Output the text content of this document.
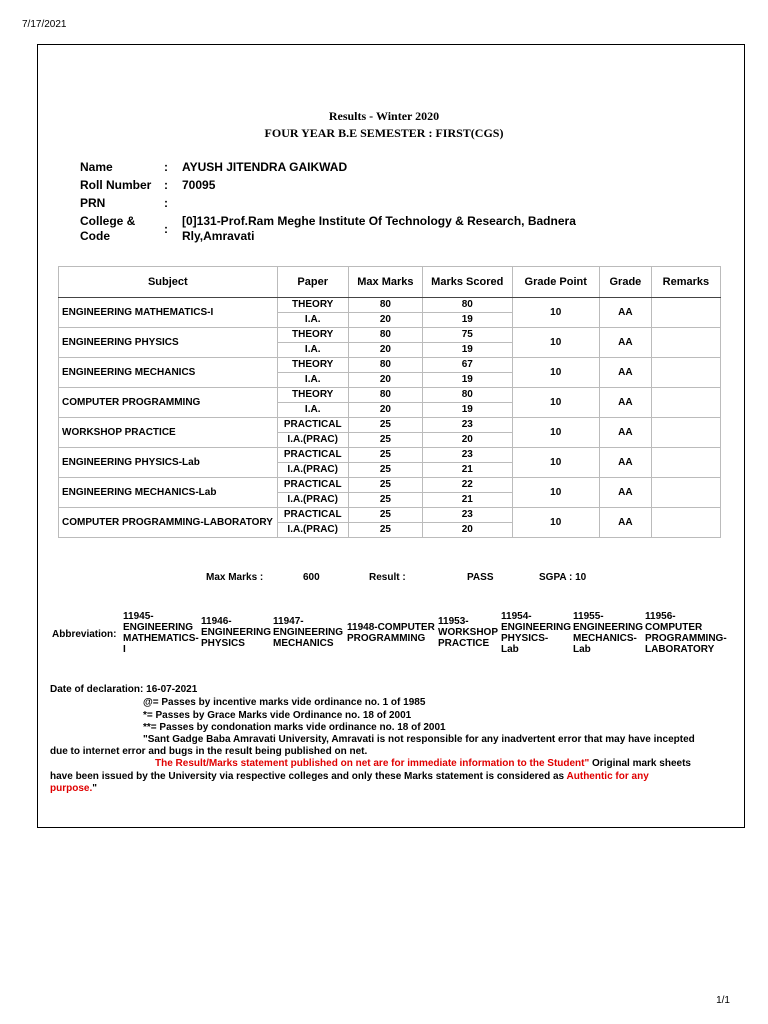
7/17/2021
Results - Winter 2020
FOUR YEAR B.E SEMESTER : FIRST(CGS)
Name	: AYUSH JITENDRA GAIKWAD
Roll Number : 70095
PRN	:
College &
Code	:
[0]131-Prof.Ram Meghe Institute Of Technology & Research, Badnera
Rly,Amravati
Subject	Paper	Max Marks	Marks Scored	Grade Point	Grade	Remarks
ENGINEERING MATHEMATICS-I	THEORY	80	80	10	AA	
	I.A.	20	19			
ENGINEERING PHYSICS	THEORY	80	75	10	AA	
	I.A.	20	19			
ENGINEERING MECHANICS	THEORY	80	67	10	AA	
	I.A.	20	19			
COMPUTER PROGRAMMING	THEORY	80	80	10	AA	
	I.A.	20	19			
WORKSHOP PRACTICE	PRACTICAL	25	23	10	AA	
	I.A.(PRAC)	25	20			
ENGINEERING PHYSICS-Lab	PRACTICAL	25	23	10	AA	
	I.A.(PRAC)	25	21			
ENGINEERING MECHANICS-Lab	PRACTICAL	25	22	10	AA	
	I.A.(PRAC)	25	21			
COMPUTER PROGRAMMING-LABORATORY	PRACTICAL	25	23	10	AA	
	I.A.(PRAC)	25	20			
Max Marks :	600	Result :	PASS	SGPA : 10
Abbreviation:
11945-
ENGINEERING
MATHEMATICS-
I
11946-
ENGINEERING
PHYSICS
11947-
ENGINEERING
MECHANICS
11948-COMPUTER
PROGRAMMING
11953-
WORKSHOP
PRACTICE
11954-
ENGINEERING
PHYSICS-
Lab
11955-
ENGINEERING
MECHANICS-
Lab
11956-
COMPUTER
PROGRAMMING-
LABORATORY
Date of declaration: 16-07-2021
@= Passes by incentive marks vide ordinance no. 1 of 1985
*= Passes by Grace Marks vide Ordinance no. 18 of 2001
**= Passes by condonation marks vide ordinance no. 18 of 2001
"Sant Gadge Baba Amravati University, Amravati is not responsible for any inadvertent error that may have incepted
due to internet error and bugs in the result being published on net.
The Result/Marks statement published on net are for immediate information to the Student" Original mark sheets
have been issued by the University via respective colleges and only these Marks statement is considered as Authentic for any
purpose."
1/1
